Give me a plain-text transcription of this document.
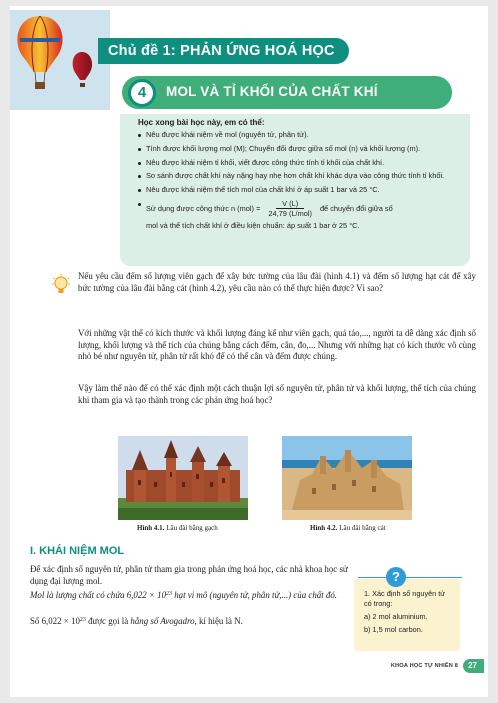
Chủ đề 1: PHẢN ỨNG HOÁ HỌC
4	MOL VÀ TỈ KHỐI CỦA CHẤT KHÍ
Học xong bài học này, em có thể:
Nêu được khái niệm về mol (nguyên tử, phân tử).
Tính được khối lượng mol (M); Chuyển đổi được giữa số mol (n) và khối lượng (m).
Nêu được khái niệm tỉ khối, viết được công thức tính tỉ khối của chất khí.
So sánh được chất khí này nặng hay nhẹ hơn chất khí khác dựa vào công thức tính tỉ khối.
Nêu được khái niệm thể tích mol của chất khí ở áp suất 1 bar và 25 °C.
Sử dụng được công thức n $(mol) = \frac{V (L)}{\text{24,79 (L/mol)}}$ để chuyển đổi giữa số
mol và thể tích chất khí ở điều kiện chuẩn: áp suất 1 bar ở 25 °C.

Nếu yêu cầu đếm số lượng viên gạch để xây bức tường của lâu đài (hình 4.1) và đếm số lượng hạt cát để xây bức tường của lâu đài bằng cát (hình 4.2), yêu cầu nào có thể thực hiện được? Vì sao?

Với những vật thể có kích thước và khối lượng đáng kể như viên gạch, quả táo,..., người ta dễ dàng xác định số lượng, khối lượng và thể tích của chúng bằng cách đếm, cân, đo,... Nhưng với những hạt có kích thước vô cùng nhỏ bé như nguyên tử, phân tử rất khó để có thể cân và đếm được chúng.

Vậy làm thế nào để có thể xác định một cách thuận lợi số nguyên tử, phân tử và khối lượng, thể tích của chúng khi tham gia và tạo thành trong các phản ứng hoá học?

Hình 4.1. Lâu đài bằng gạch	Hình 4.2. Lâu đài bằng cát
I. KHÁI NIỆM MOL

Để xác định số nguyên tử, phân tử tham gia trong phản ứng hoá học, các nhà khoa học sử dụng đại lượng mol.

Mol là lượng chất có chứa $6,022 \times 10^{23}$ hạt vi mô (nguyên tử, phân tử,...) của chất đó.

Số $6,022 \times 10^{23}$ được gọi là hằng số Avogadro, kí hiệu là N.

1. Xác định số nguyên tử có trong:
a) 2 mol aluminium.
b) 1,5 mol carbon.
?
KHOA HỌC TỰ NHIÊN 8	27
